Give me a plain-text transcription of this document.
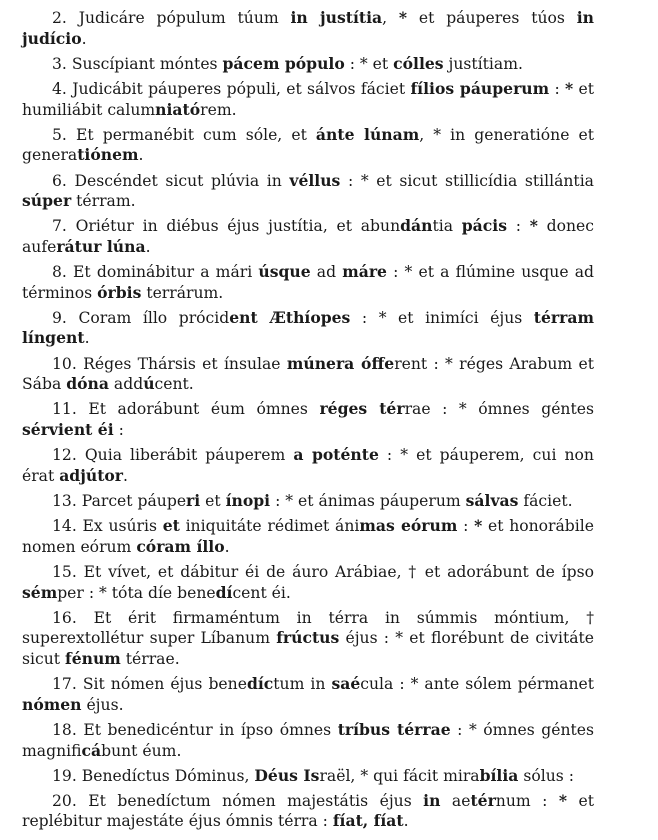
2. Judicáre pópulum túum in justítia, * et páuperes túos in judício.

3. Suscípiant móntes pácem pópulo : * et cólles justítiam.

4. Judicábit páuperes pópuli, et sálvos fáciet fílios páuperum : * et humiliábit calumniatórem.

5. Et permanébit cum sóle, et ánte lúnam, * in generatióne et generatiónem.

6. Descéndet sicut plúvia in véllus : * et sicut stillicídia stillántia súper térram.

7. Oriétur in diébus éjus justítia, et abundántia pácis : * donec auferátur lúna.

8. Et dominábitur a mári úsque ad máre : * et a flúmine usque ad términos órbis terrárum.

9. Coram íllo prócident Æthíopes : * et inimíci éjus térram língent.

10. Réges Thársis et ínsulae múnera ófferent : * réges Arabum et Sába dóna addúcent.

11. Et adorábunt éum ómnes réges térrae : * ómnes géntes sérvient éi :

12. Quia liberábit páuperem a poténte : * et páuperem, cui non érat adjútor.

13. Parcet páuperi et ínopi : * et ánimas páuperum sálvas fáciet.

14. Ex usúris et iniquitáte rédimet ánimas eórum : * et honorábile nomen eórum córam íllo.

15. Et vívet, et dábitur éi de áuro Arábiae, † et adorábunt de ípso sémper : * tóta díe benedícent éi.

16. Et érit firmaméntum in térra in súmmis móntium, † superextollétur super Líbanum frúctus éjus : * et florébunt de civitáte sicut fénum térrae.

17. Sit nómen éjus benedíctum in saécula : * ante sólem pérmanet nómen éjus.

18. Et benedicéntur in ípso ómnes tríbus térrae : * ómnes géntes magnificábunt éum.

19. Benedíctus Dóminus, Déus Israël, * qui fácit mirabília sólus :

20. Et benedíctum nómen majestátis éjus in aetérnum : * et replébitur majestáte éjus ómnis térra : fíat, fíat.
